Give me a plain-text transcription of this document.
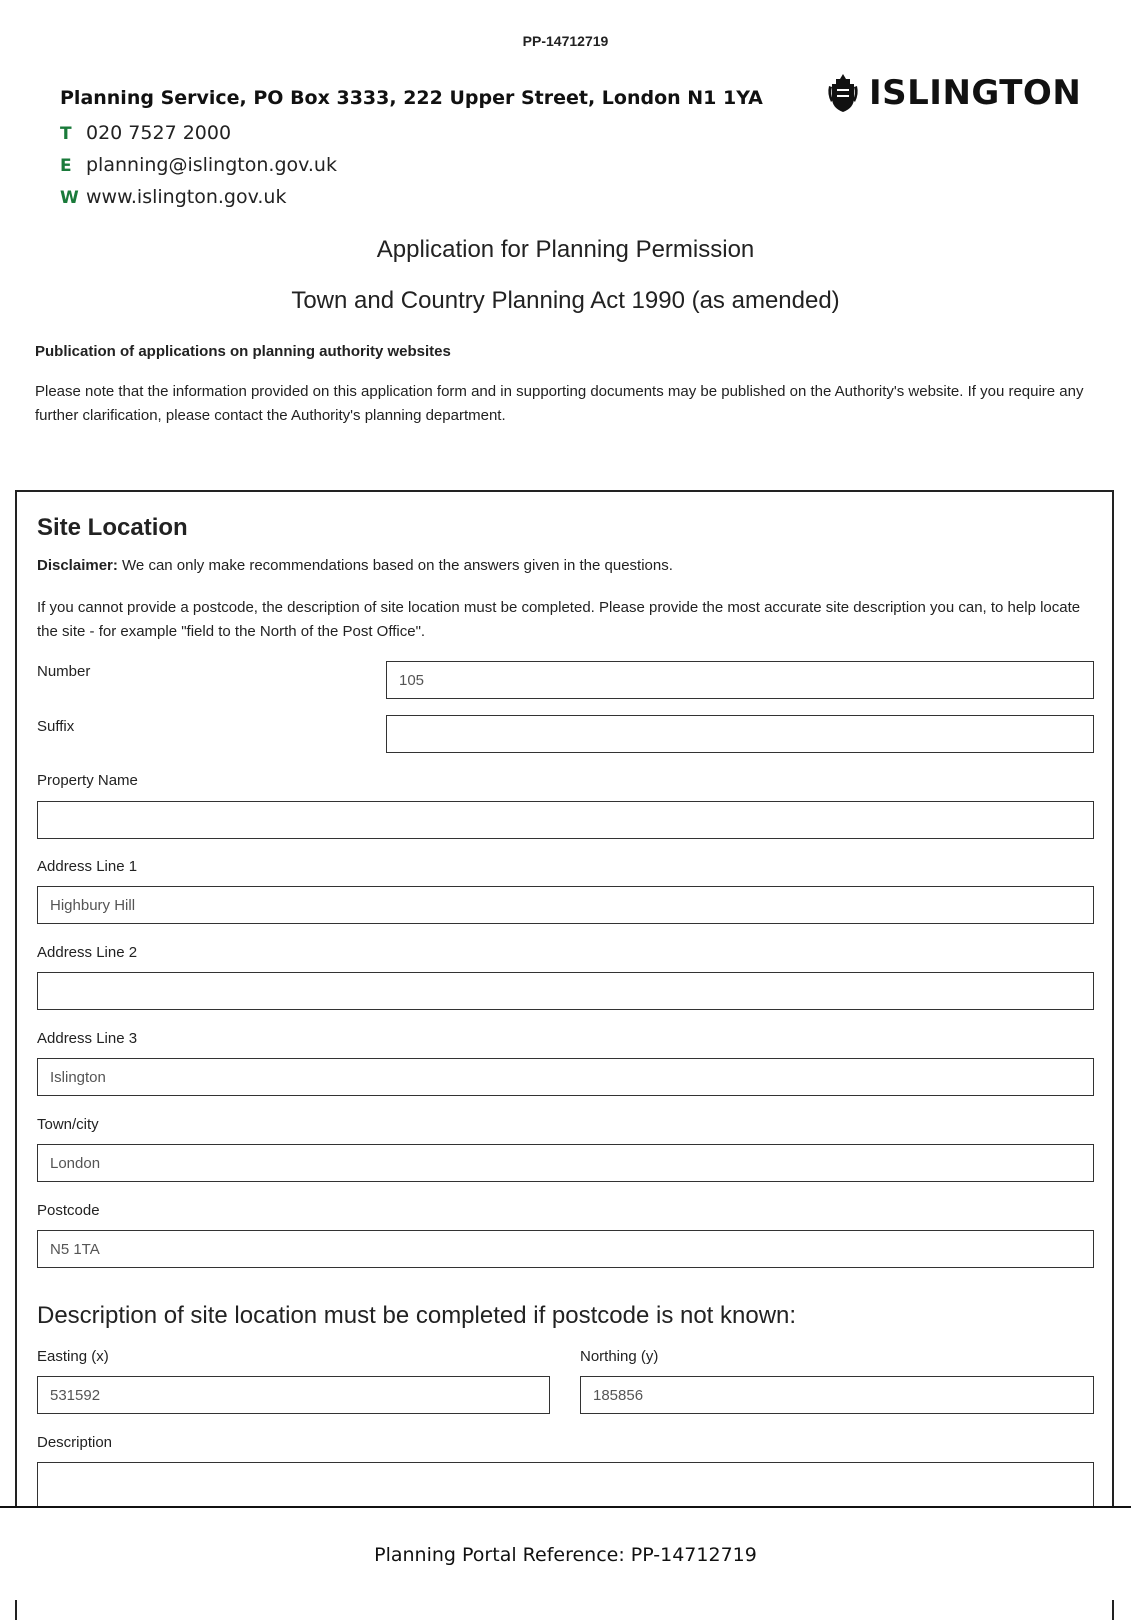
PP-14712719
Planning Service, PO Box 3333, 222 Upper Street, London N1 1YA
T 020 7527 2000
E planning@islington.gov.uk
W www.islington.gov.uk
ISLINGTON
Application for Planning Permission
Town and Country Planning Act 1990 (as amended)
Publication of applications on planning authority websites
Please note that the information provided on this application form and in supporting documents may be published on the Authority's website. If you require any further clarification, please contact the Authority's planning department.
Site Location
Disclaimer: We can only make recommendations based on the answers given in the questions.
If you cannot provide a postcode, the description of site location must be completed. Please provide the most accurate site description you can, to help locate the site - for example "field to the North of the Post Office".
Number	105
Suffix
Property Name
Address Line 1
Highbury Hill
Address Line 2
Address Line 3
Islington
Town/city
London
Postcode
N5 1TA
Description of site location must be completed if postcode is not known:
Easting (x)
531592
Northing (y)
185856
Description
Planning Portal Reference: PP-14712719
